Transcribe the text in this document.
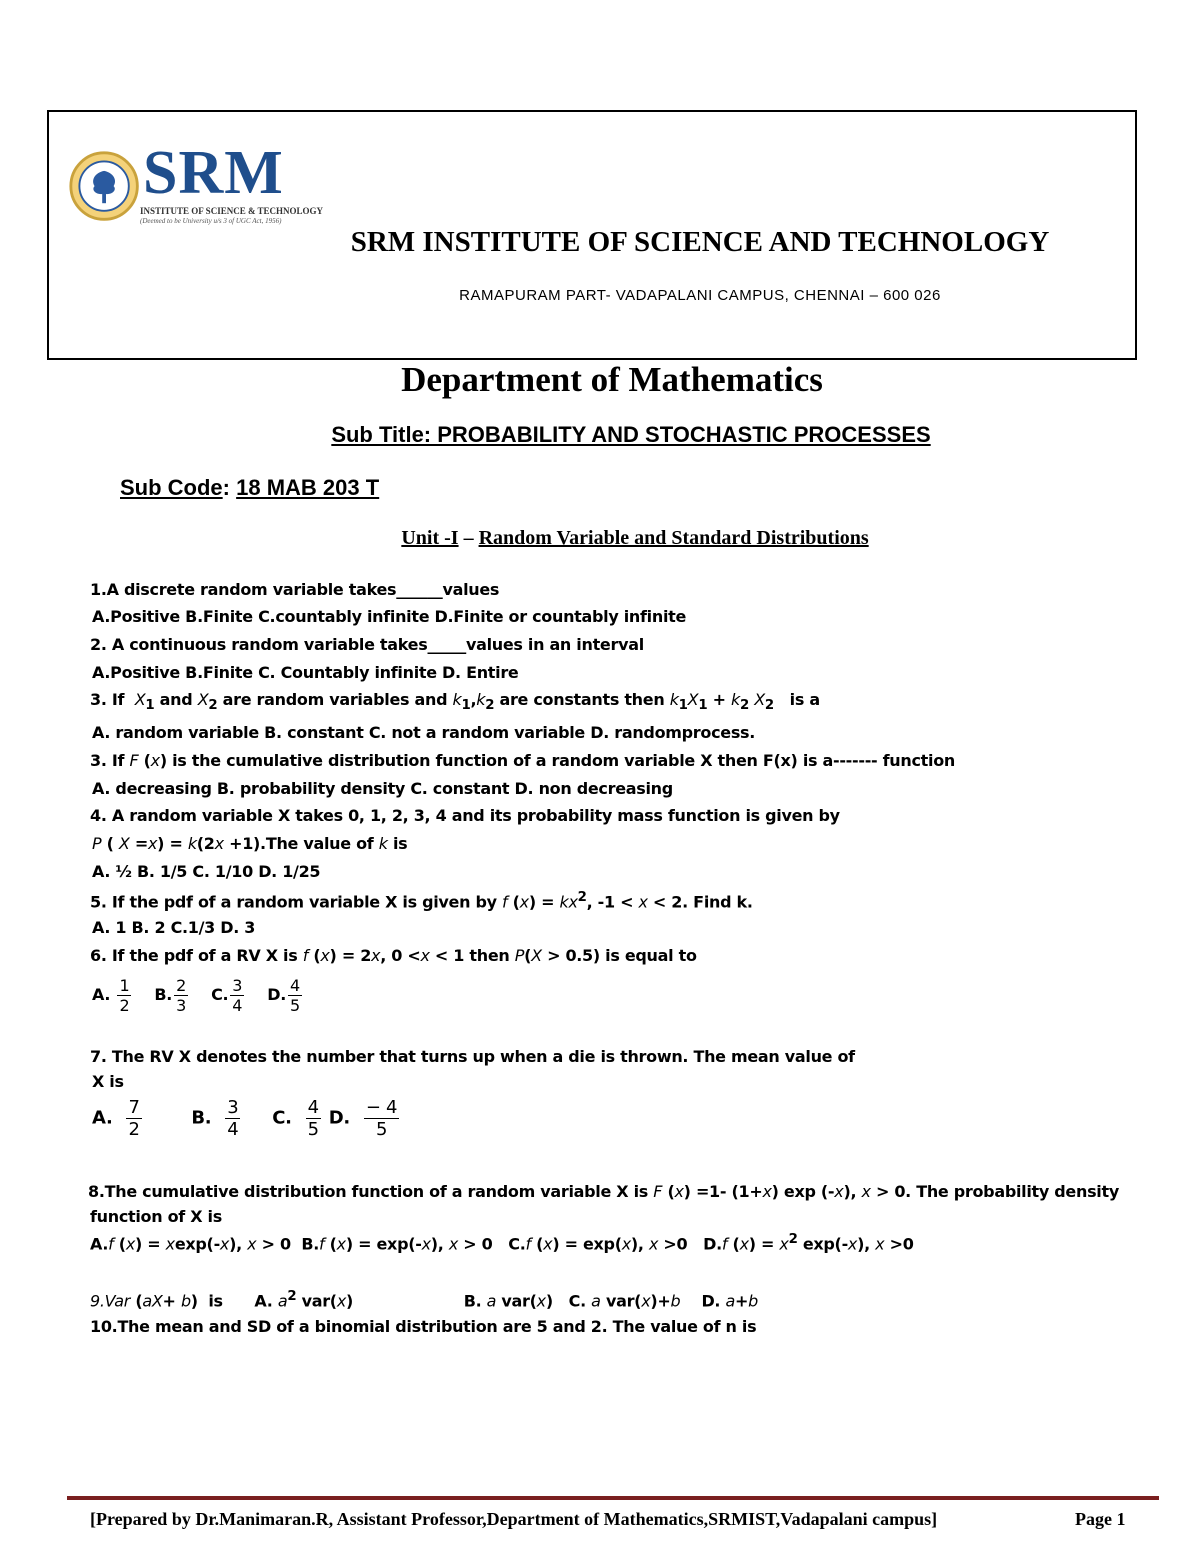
SRM
INSTITUTE OF SCIENCE & TECHNOLOGY
(Deemed to be University u/s 3 of UGC Act, 1956)
SRM INSTITUTE OF SCIENCE AND TECHNOLOGY
RAMAPURAM PART- VADAPALANI CAMPUS, CHENNAI – 600 026
Department of Mathematics
Sub Title: PROBABILITY AND STOCHASTIC PROCESSES
Sub Code: 18 MAB 203 T
Unit -I – Random Variable and Standard Distributions
1.A discrete random variable takes______values
A.Positive B.Finite C.countably infinite D.Finite or countably infinite
2. A continuous random variable takes_____values in an interval
A.Positive B.Finite C. Countably infinite D. Entire
3. If  $X_1$ and $X_2$ are random variables and $k_1,k_2$ are constants then $k_1X_1 + k_2$ $X_2$   is a
A. random variable B. constant C. not a random variable D. randomprocess.
3. If F (x) is the cumulative distribution function of a random variable X then F(x) is a------- function
A. decreasing B. probability density C. constant D. non decreasing
4. A random variable X takes 0, 1, 2, 3, 4 and its probability mass function is given by
P ( X =x) = k(2x +1).The value of k is
A. ½ B. 1/5 C. 1/10 D. 1/25
5. If the pdf of a random variable X is given by f $(x) = kx^2$, -1 < x < 2. Find k.
A. 1 B. 2 C.1/3 D. 3
6. If the pdf of a RV X is f (x) = 2x, 0 <x < 1 then P(X > 0.5) is equal to
A. $\frac{1}{2} B$. $\frac{2}{3} C$. $\frac{3}{4} D$. $\frac{4}{5}$
7. The RV X denotes the number that turns up when a die is thrown. The mean value of
X is
A. $\frac{7}{2} B$. $\frac{3}{4} C$. $\frac{4}{5} D$. $\frac{- 4}{5}$
8.The cumulative distribution function of a random variable X is F (x) =1- (1+x) exp (-x), x > 0. The probability density
function of X is
A.f (x) = xexp(-x), x > 0  B.f (x) = exp(-x), x > 0   C.f (x) = exp(x), x >0   D.f $(x) = x^2$ exp(-x), x >0
9.Var (aX+ b)  is      A. $a^2$ var(x)                     B. a var(x)   C. a var(x)+b    D. a+b
10.The mean and SD of a binomial distribution are 5 and 2. The value of n is
[Prepared by Dr.Manimaran.R, Assistant Professor,Department of Mathematics,SRMIST,Vadapalani campus]	Page 1
